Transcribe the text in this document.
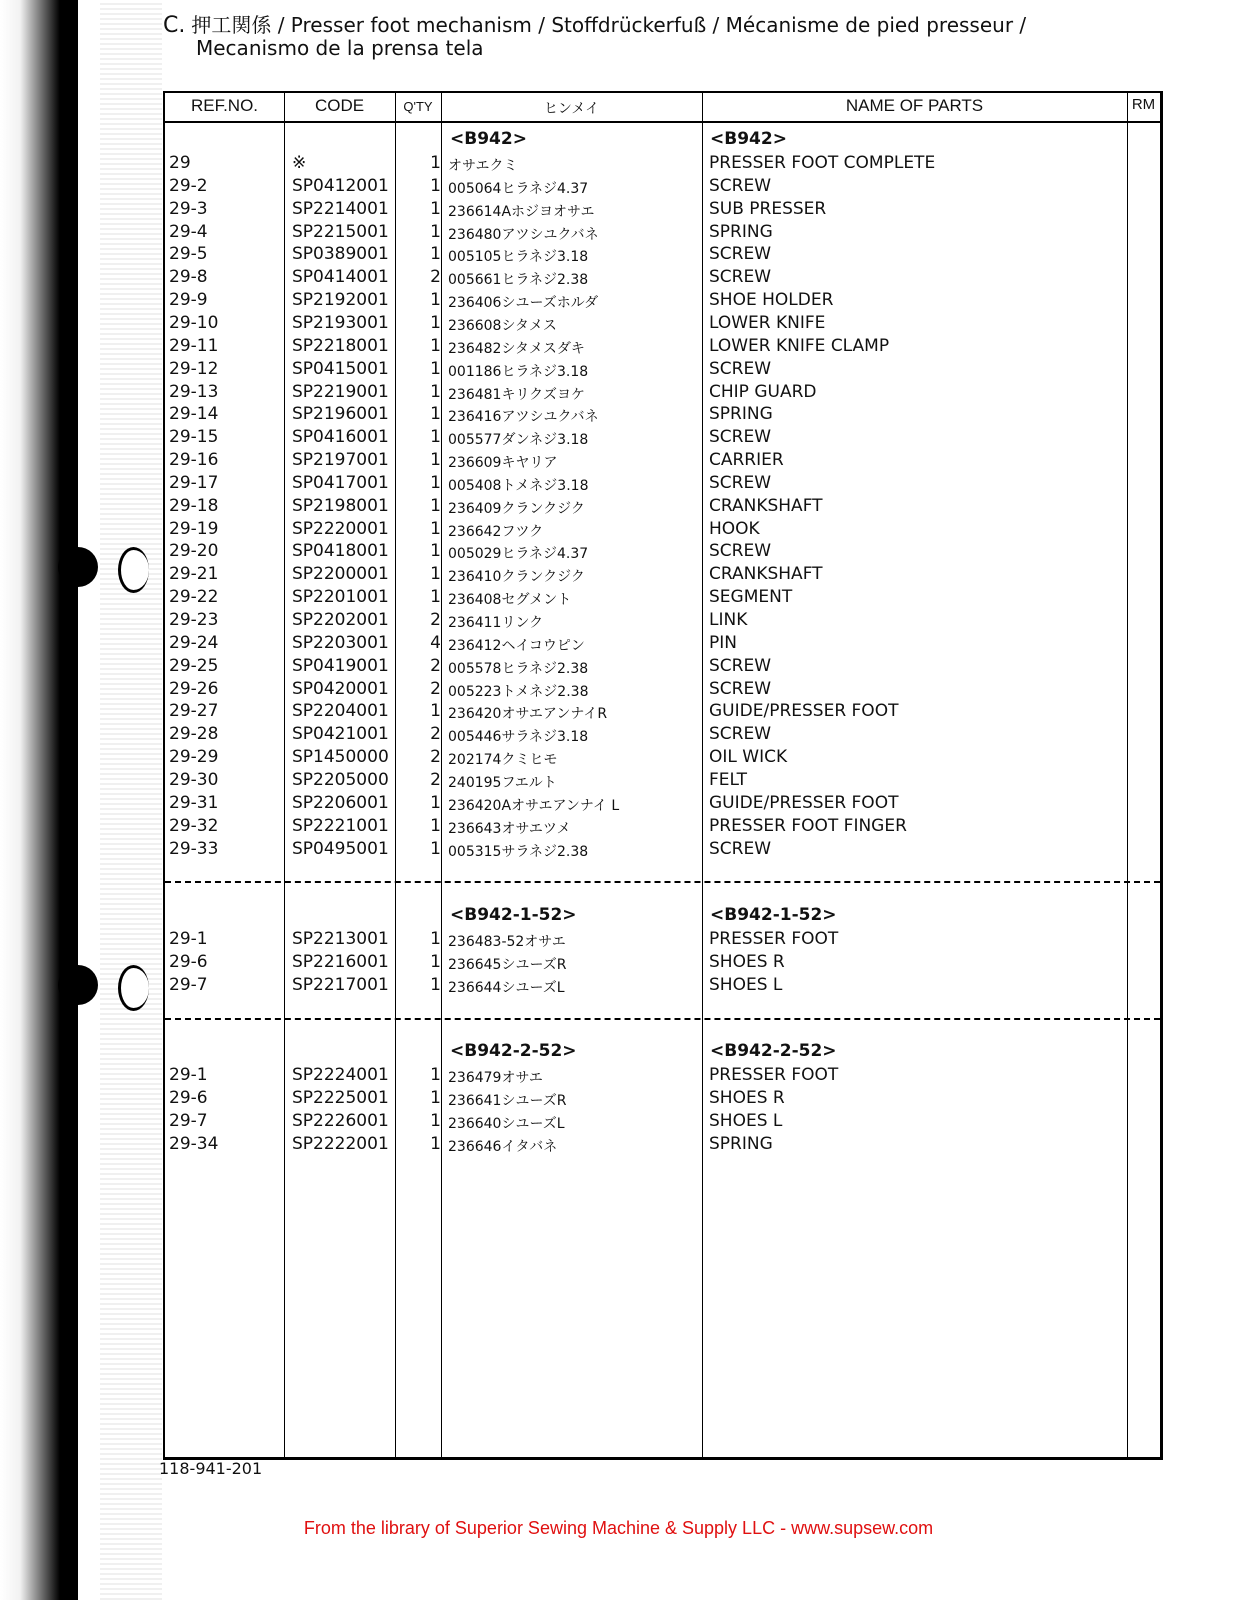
C. 押工関係 / Presser foot mechanism / Stoffdrückerfuß / Mécanisme de pied presseur /
Mecanismo de la prensa tela
REF.NO.	CODE	Q'TY	ヒンメイ	NAME OF PARTS	RM
<B942>	<B942>
29	※	1 オサエクミ	PRESSER FOOT COMPLETE
29-2	SP0412001	1 005064ヒラネジ4.37	SCREW
29-3	SP2214001	1 236614Aホジヨオサエ	SUB PRESSER
29-4	SP2215001	1 236480アツシユクバネ	SPRING
29-5	SP0389001	1 005105ヒラネジ3.18	SCREW
29-8	SP0414001	2 005661ヒラネジ2.38	SCREW
29-9	SP2192001	1 236406シユーズホルダ	SHOE HOLDER
29-10	SP2193001	1 236608シタメス	LOWER KNIFE
29-11	SP2218001	1 236482シタメスダキ	LOWER KNIFE CLAMP
29-12	SP0415001	1 001186ヒラネジ3.18	SCREW
29-13	SP2219001	1 236481キリクズヨケ	CHIP GUARD
29-14	SP2196001	1 236416アツシユクバネ	SPRING
29-15	SP0416001	1 005577ダンネジ3.18	SCREW
29-16	SP2197001	1 236609キヤリア	CARRIER
29-17	SP0417001	1 005408トメネジ3.18	SCREW
29-18	SP2198001	1 236409クランクジク	CRANKSHAFT
29-19	SP2220001	1 236642フツク	HOOK
29-20	SP0418001	1 005029ヒラネジ4.37	SCREW
29-21	SP2200001	1 236410クランクジク	CRANKSHAFT
29-22	SP2201001	1 236408セグメント	SEGMENT
29-23	SP2202001	2 236411リンク	LINK
29-24	SP2203001	4 236412ヘイコウピン	PIN
29-25	SP0419001	2 005578ヒラネジ2.38	SCREW
29-26	SP0420001	2 005223トメネジ2.38	SCREW
29-27	SP2204001	1 236420オサエアンナイR	GUIDE/PRESSER FOOT
29-28	SP0421001	2 005446サラネジ3.18	SCREW
29-29	SP1450000	2 202174クミヒモ	OIL WICK
29-30	SP2205000	2 240195フエルト	FELT
29-31	SP2206001	1 236420Aオサエアンナイ L	GUIDE/PRESSER FOOT
29-32	SP2221001	1 236643オサエツメ	PRESSER FOOT FINGER
29-33	SP0495001	1 005315サラネジ2.38	SCREW
<B942-1-52>	<B942-1-52>
29-1	SP2213001	1 236483-52オサエ	PRESSER FOOT
29-6	SP2216001	1 236645シユーズR	SHOES R
29-7	SP2217001	1 236644シユーズL	SHOES L
<B942-2-52>	<B942-2-52>
29-1	SP2224001	1 236479オサエ	PRESSER FOOT
29-6	SP2225001	1 236641シユーズR	SHOES R
29-7	SP2226001	1 236640シユーズL	SHOES L
29-34	SP2222001	1 236646イタバネ	SPRING
118-941-201
From the library of Superior Sewing Machine & Supply LLC - www.supsew.com
